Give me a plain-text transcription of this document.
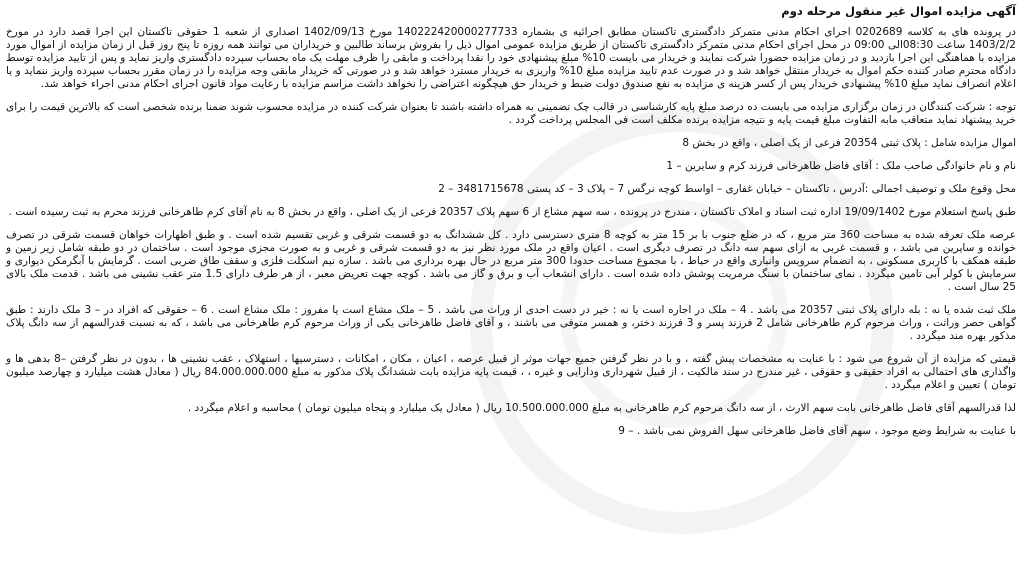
آگهی مزایده اموال غیر منقول مرحله دوم
در پرونده های به کلاسه 0202689 اجرای احکام مدنی متمرکز دادگستری تاکستان مطابق اجرائیه ی بشماره 140222420000277733 مورخ 1402/09/13 اصداری از شعبه 1 حقوقی تاکستان این اجرا قصد دارد در مورخ 1403/2/2 ساعت 08:30الی 09:00 در محل اجرای احکام مدنی متمرکز دادگستری تاکستان از طریق مزایده عمومی اموال ذیل را بفروش برساند طالبین و خریداران می توانند همه روزه تا پنج روز قبل از زمان مزایده از اموال مورد مزایده با هماهنگی این اجرا بازدید و در زمان مزایده حضورا شرکت نمایند و خریدار می بایست 10% مبلغ پیشنهادی خود را نقدا پرداخت و مابقی را ظرف مهلت یک ماه بحساب سپرده دادگستری واریز نماید و پس از تایید مزایده توسط دادگاه محترم صادر کننده حکم اموال به خریدار منتقل خواهد شد و در صورت عدم تایید مزایده مبلغ 10% واریزی به خریدار مسترد خواهد شد و در صورتی که خریدار مابقی وجه مزایده را در زمان مقرر بحساب سپرده واریز ننماید و یا اعلام انصراف نماید مبلغ 10% پیشنهادی خریدار پس از کسر هزینه ی مزایده به نفع صندوق دولت ضبط و خریدار حق هیچگونه اعتراضی را نخواهد داشت مراسم مزایده با رعایت مواد قانون اجرای احکام مدنی اجراء خواهد شد.
توجه : شرکت کنندگان در زمان برگزاری مزایده می بایست ده درصد مبلغ پایه کارشناسی در قالب چک تضمینی به همراه داشته باشند تا بعنوان شرکت کننده در مزایده محسوب شوند ضمنا برنده شخصی است که بالاترین قیمت را برای خرید پیشنهاد نماید متعاقب مابه التفاوت مبلغ قیمت پایه و نتیجه مزایده برنده مکلف است فی المجلس پرداخت گردد .
اموال مزایده شامل : پلاک ثبتی 20354 فرعی از یک اصلی ، واقع در بخش 8
نام و نام خانوادگی صاحب ملک : آقای فاضل طاهرخانی فرزند کرم و سایرین – 1
محل وقوع ملک و توصیف اجمالی :آدرس ، تاکستان – خیابان غفاری – اواسط کوچه نرگس 7 – پلاک 3 – کد پستی 3481715678 – 2
طبق پاسخ استعلام مورخ 19/09/1402 اداره ثبت اسناد و املاک تاکستان ، مندرج در پرونده ، سه سهم مشاع از 6 سهم پلاک 20357 فرعی از یک اصلی ، واقع در بخش 8 به نام آقای کرم طاهرخانی فرزند محرم به ثبت رسیده است .
عرصه ملک تعرفه شده به مساحت 360 متر مربع ، که در ضلع جنوب با بر 15 متر به کوچه 8 متری دسترسی دارد . کل ششدانگ به دو قسمت شرقی و غربی تقسیم شده است . و طبق اظهارات خواهان قسمت شرقی در تصرف خوانده و سایرین می باشد ، و قسمت غربی به ازای سهم سه دانگ در تصرف دیگری است . اعیان واقع در ملک مورد نظر نیز به دو قسمت شرقی و غربی و به صورت مجزی موجود است . ساختمان در دو طبقه شامل زیر زمین و طبقه همکف با کاربری مسکونی ، به انضمام سرویس وانباری واقع در حیاط ، با مجموع مساحت حدودا 300 متر مربع در حال بهره برداری می باشد . سازه نیم اسکلت فلزی و سقف طاق ضربی است . گرمایش با آبگرمکن دیواری و سرمایش با کولر آبی تامین میگردد . نمای ساختمان با سنگ مرمریت پوشش داده شده است . دارای انشعاب آب و برق و گاز می باشد . کوچه جهت تعریض معبر ، از هر طرف دارای 1.5 متر عقب نشینی می باشد . قدمت ملک بالای 25 سال است .
ملک ثبت شده یا نه : بله دارای پلاک ثبتی 20357 می باشد . 4 – ملک در اجاره است یا نه : خیر در دست احدی از وراث می باشد . 5 – ملک مشاع است یا مفروز : ملک مشاع است . 6 – حقوقی که افراد در – 3 ملک دارند : طبق گواهی حصر وراثت ، وراث مرحوم کرم طاهرخانی شامل 2 فرزند پسر و 3 فرزند دختر، و همسر متوفی می باشند ، و آقای فاضل طاهرخانی یکی از وراث مرحوم کرم طاهرخانی می باشد ، که به نسبت قدرالسهم از سه دانگ پلاک مذکور بهره مند میگردد .
قیمتی که مزایده از آن شروع می شود : با عنایت به مشخصات پیش گفته ، و با در نظر گرفتن جمیع جهات موثر از قبیل عرصه ، اعیان ، مکان ، امکانات ، دسترسیها ، استهلاک ، عقب نشینی ها ، بدون در نظر گرفتن –8 بدهی ها و واگذاری های احتمالی به افراد حقیقی و حقوقی ، غیر مندرج در سند مالکیت ، از قبیل شهرداری ودارایی و غیره ، ، قیمت پایه مزایده بابت ششدانگ پلاک مذکور به مبلغ 84.000.000.000 ریال ( معادل هشت میلیارد و چهارصد میلیون تومان ) تعیین و اعلام میگردد .
لذا قدرالسهم آقای فاضل طاهرخانی بابت سهم الارث ، از سه دانگ مرحوم کرم طاهرخانی به مبلغ 10.500.000.000 ریال ( معادل یک میلیارد و پنجاه میلیون تومان ) محاسبه و اعلام میگردد .
با عنایت به شرایط وضع موجود ، سهم آقای فاضل طاهرخانی سهل الفروش نمی باشد . – 9
